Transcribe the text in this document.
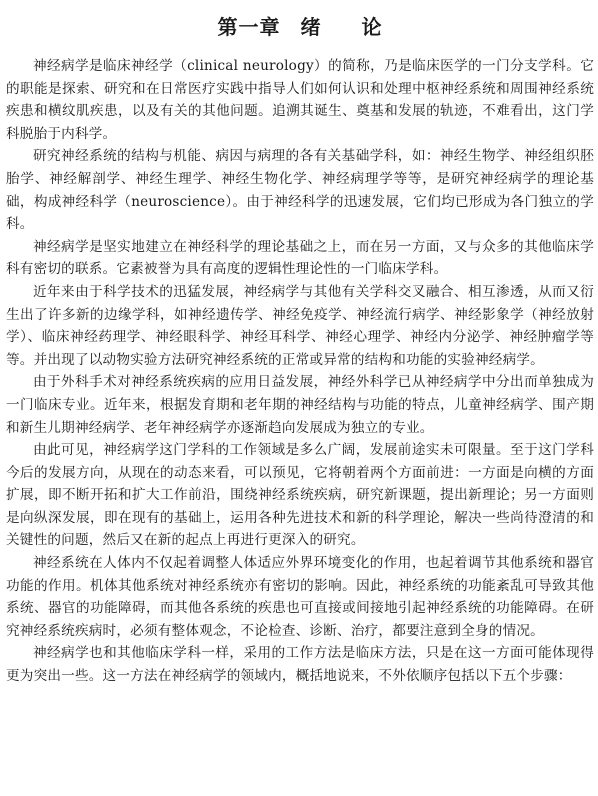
第一章 绪 论

神经病学是临床神经学（clinical neurology）的简称，乃是临床医学的一门分支学科。它的职能是探索、研究和在日常医疗实践中指导人们如何认识和处理中枢神经系统和周围神经系统疾患和横纹肌疾患，以及有关的其他问题。追溯其诞生、奠基和发展的轨迹，不难看出，这门学科脱胎于内科学。

研究神经系统的结构与机能、病因与病理的各有关基础学科，如：神经生物学、神经组织胚胎学、神经解剖学、神经生理学、神经生物化学、神经病理学等等，是研究神经病学的理论基础，构成神经科学（neuroscience）。由于神经科学的迅速发展，它们均已形成为各门独立的学科。

神经病学是坚实地建立在神经科学的理论基础之上，而在另一方面，又与众多的其他临床学科有密切的联系。它素被誉为具有高度的逻辑性理论性的一门临床学科。

近年来由于科学技术的迅猛发展，神经病学与其他有关学科交叉融合、相互渗透，从而又衍生出了许多新的边缘学科，如神经遗传学、神经免疫学、神经流行病学、神经影象学（神经放射学）、临床神经药理学、神经眼科学、神经耳科学、神经心理学、神经内分泌学、神经肿瘤学等等。并出现了以动物实验方法研究神经系统的正常或异常的结构和功能的实验神经病学。

由于外科手术对神经系统疾病的应用日益发展，神经外科学已从神经病学中分出而单独成为一门临床专业。近年来，根据发育期和老年期的神经结构与功能的特点，儿童神经病学、围产期和新生儿期神经病学、老年神经病学亦逐渐趋向发展成为独立的专业。

由此可见，神经病学这门学科的工作领域是多么广阔，发展前途实未可限量。至于这门学科今后的发展方向，从现在的动态来看，可以预见，它将朝着两个方面前进：一方面是向横的方面扩展，即不断开拓和扩大工作前沿，围绕神经系统疾病，研究新课题，提出新理论；另一方面则是向纵深发展，即在现有的基础上，运用各种先进技术和新的科学理论，解决一些尚待澄清的和关键性的问题，然后又在新的起点上再进行更深入的研究。

神经系统在人体内不仅起着调整人体适应外界环境变化的作用，也起着调节其他系统和器官功能的作用。机体其他系统对神经系统亦有密切的影响。因此，神经系统的功能紊乱可导致其他系统、器官的功能障碍，而其他各系统的疾患也可直接或间接地引起神经系统的功能障碍。在研究神经系统疾病时，必须有整体观念，不论检查、诊断、治疗，都要注意到全身的情况。

神经病学也和其他临床学科一样，采用的工作方法是临床方法，只是在这一方面可能体现得更为突出一些。这一方法在神经病学的领域内，概括地说来，不外依顺序包括以下五个步骤：
